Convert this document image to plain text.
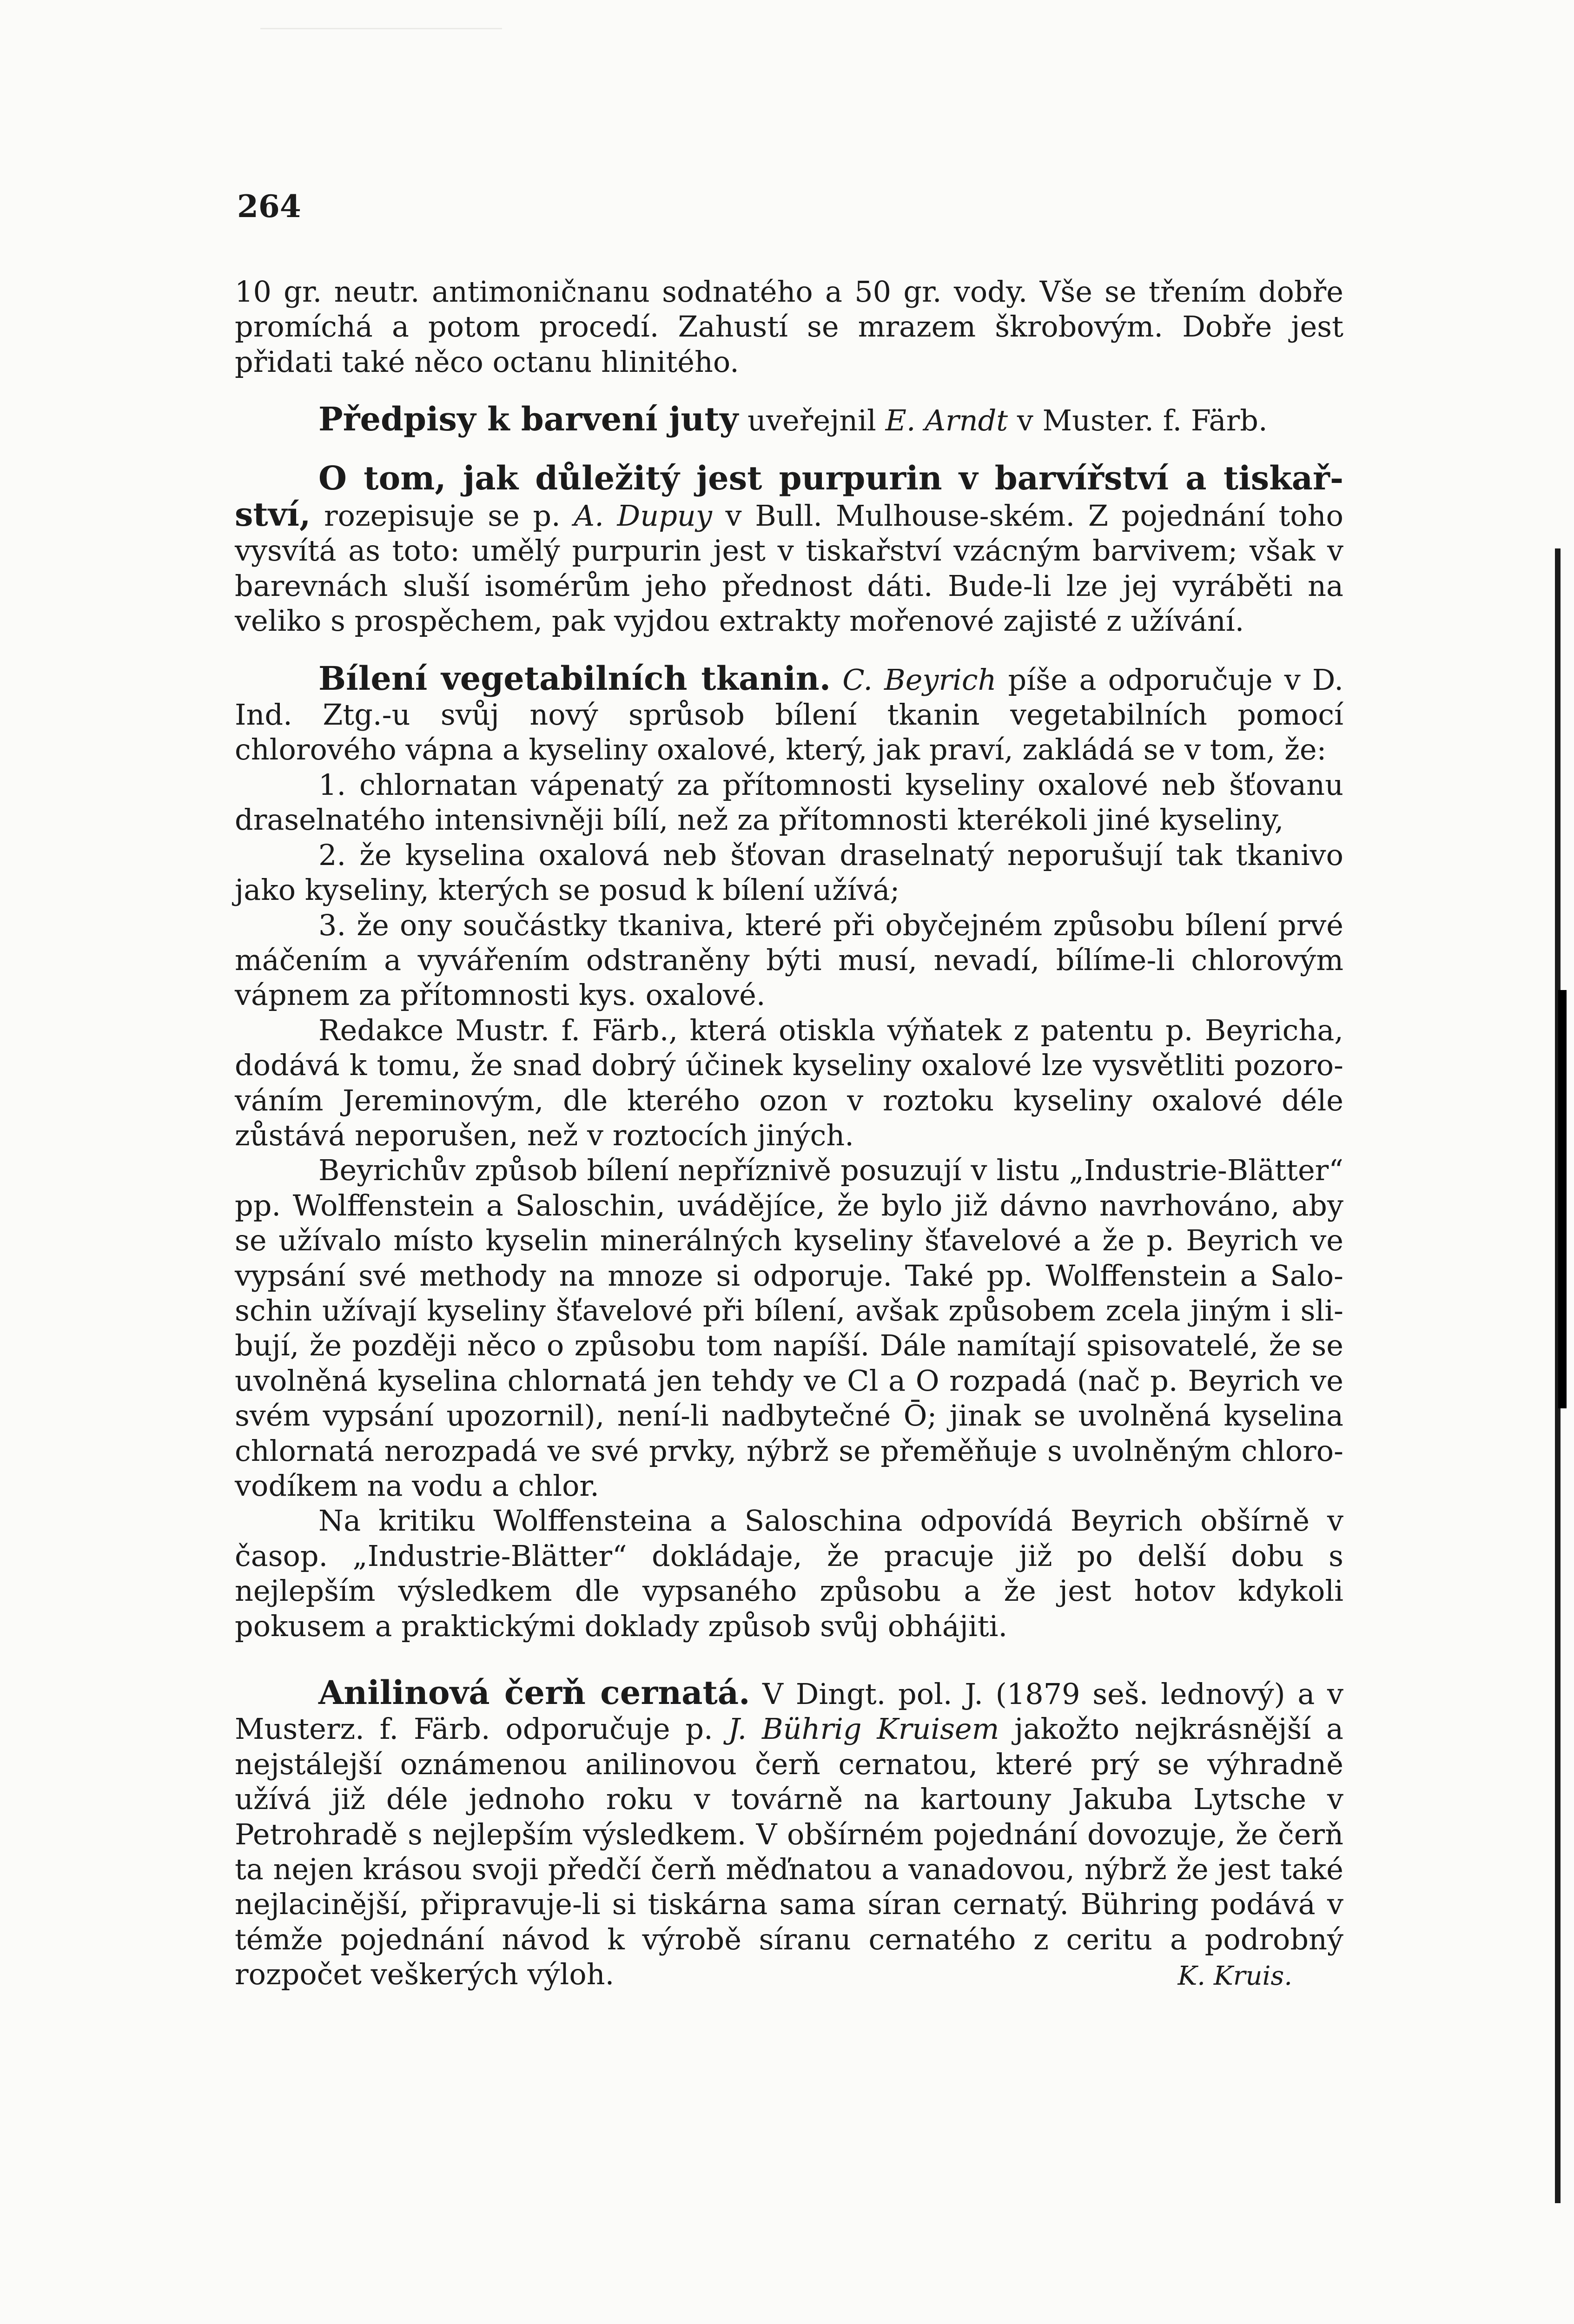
264

10 gr. neutr. antimoničnanu sodnatého a 50 gr. vody. Vše se třením dobře promíchá a potom procedí. Zahustí se mrazem škrobovým. Dobře jest přidati také něco octanu hlinitého.

Předpisy k barvení juty uveřejnil E. Arndt v Muster. f. Färb.

O tom, jak důležitý jest purpurin v barvířství a tiskařství, rozepisuje se p. A. Dupuy v Bull. Mulhouse-ském. Z pojednání toho vysvítá as toto: umělý purpurin jest v tiskařství vzácným barvivem; však v barevnách sluší isomérům jeho přednost dáti. Bude-li lze jej vyráběti na veliko s prospěchem, pak vyjdou extrakty mořenové zajisté z užívání.

Bílení vegetabilních tkanin. C. Beyrich píše a odporučuje v D. Ind. Ztg.-u svůj nový sprůsob bílení tkanin vegetabilních pomocí chlorového vápna a kyseliny oxalové, který, jak praví, zakládá se v tom, že:

1. chlornatan vápenatý za přítomnosti kyseliny oxalové neb šťovanu draselnatého intensivněji bílí, než za přítomnosti kterékoli jiné kyseliny,

2. že kyselina oxalová neb šťovan draselnatý neporušují tak tkanivo jako kyseliny, kterých se posud k bílení užívá;

3. že ony součástky tkaniva, které při obyčejném způsobu bílení prvé máčením a vyvářením odstraněny býti musí, nevadí, bílíme-li chlorovým vápnem za přítomnosti kys. oxalové.

Redakce Mustr. f. Färb., která otiskla výňatek z patentu p. Beyricha, dodává k tomu, že snad dobrý účinek kyseliny oxalové lze vysvětliti pozorováním Jereminovým, dle kterého ozon v roztoku kyseliny oxalové déle zůstává neporušen, než v roztocích jiných.

Beyrichův způsob bílení nepříznivě posuzují v listu „Industrie-Blätter“ pp. Wolffenstein a Saloschin, uvádějíce, že bylo již dávno navrhováno, aby se užívalo místo kyselin minerálných kyseliny šťavelové a že p. Beyrich ve vypsání své methody na mnoze si odporuje. Také pp. Wolffenstein a Saloschin užívají kyseliny šťavelové při bílení, avšak způsobem zcela jiným i slibují, že později něco o způsobu tom napíší. Dále namítají spisovatelé, že se uvolněná kyselina chlornatá jen tehdy ve Cl a O rozpadá (nač p. Beyrich ve svém vypsání upozornil), není-li nadbytečné Ō; jinak se uvolněná kyselina chlornatá nerozpadá ve své prvky, nýbrž se přeměňuje s uvolněným chlorovodíkem na vodu a chlor.

Na kritiku Wolffensteina a Saloschina odpovídá Beyrich obšírně v časop. „Industrie-Blätter“ dokládaje, že pracuje již po delší dobu s nejlepším výsledkem dle vypsaného způsobu a že jest hotov kdykoli pokusem a praktickými doklady způsob svůj obhájiti.

Anilinová čerň cernatá. V Dingt. pol. J. (1879 seš. lednový) a v Musterz. f. Färb. odporučuje p. J. Bührig Kruisem jakožto nejkrásnější a nejstálejší oznámenou anilinovou čerň cernatou, které prý se výhradně užívá již déle jednoho roku v továrně na kartouny Jakuba Lytsche v Petrohradě s nejlepším výsledkem. V obšírném pojednání dovozuje, že čerň ta nejen krásou svoji předčí čerň měďnatou a vanadovou, nýbrž že jest také nejlacinější, připravuje-li si tiskárna sama síran cernatý. Bühring podává v témže pojednání návod k výrobě síranu cernatého z ceritu a podrobný rozpočet veškerých výloh.	K. Kruis.
